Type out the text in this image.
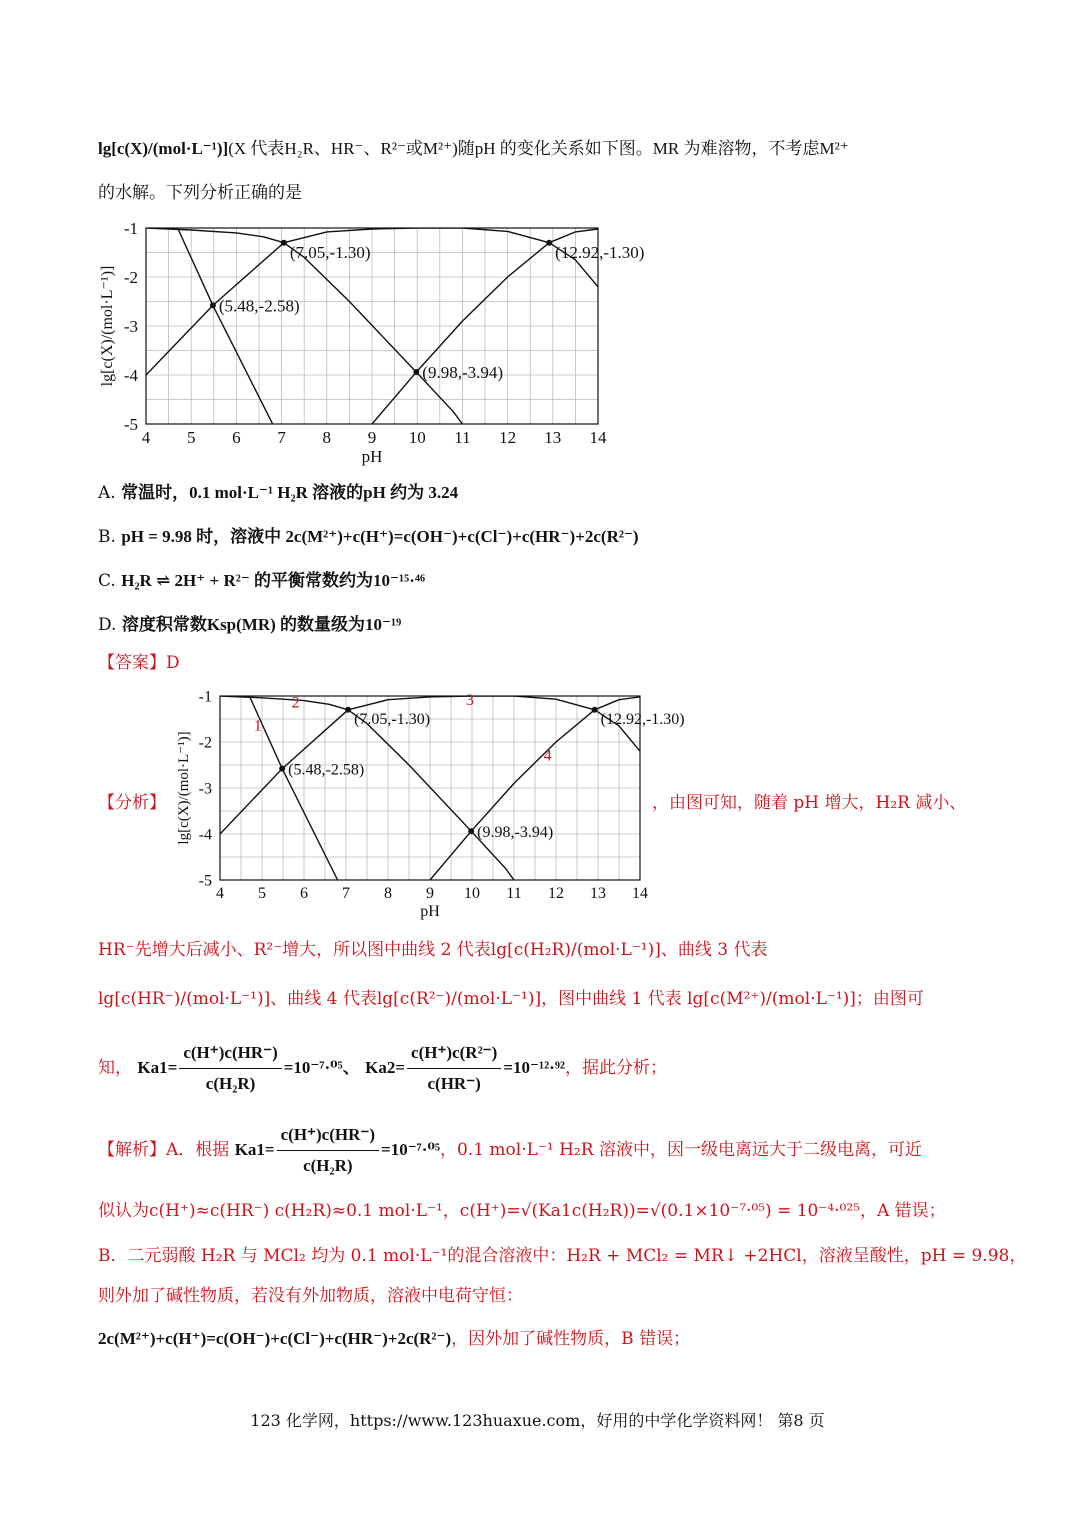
lg[c(X)/(mol·L⁻¹)](X 代表H₂R、HR⁻、R²⁻或M²⁺)随pH 的变化关系如下图。MR 为难溶物，不考虑M²⁺
的水解。下列分析正确的是
4 5 6 7 8 9 10 11 12 13 14
-1
-2
-3
-4
-5
pH
lg[c(X)/(mol·L⁻¹)]	(5.48,-2.58)
(7.05,-1.30)	(12.92,-1.30)
(9.98,-3.94)
A. 常温时，0.1 mol·L⁻¹ H₂R 溶液的pH 约为 3.24
B. pH = 9.98 时，溶液中 2c(M²⁺)+c(H⁺)=c(OH⁻)+c(Cl⁻)+c(HR⁻)+2c(R²⁻)
C. H₂R ⇌ 2H⁺ + R²⁻ 的平衡常数约为10⁻¹⁵·⁴⁶
D. 溶度积常数Ksp(MR) 的数量级为10⁻¹⁹
【答案】D
【分析】
4 5 6 7 8 9 10 11 12 13 14
-1
-2
-3
-4
-5
pH
lg[c(X)/(mol·L⁻¹)]	(5.48,-2.58)
(7.05,-1.30)	(12.92,-1.30)
(9.98,-3.94)
1
2	3
4
，由图可知，随着 pH 增大，H₂R 减小、
HR⁻先增大后减小、R²⁻增大，所以图中曲线 2 代表lg[c(H₂R)/(mol·L⁻¹)]、曲线 3 代表
lg[c(HR⁻)/(mol·L⁻¹)]、曲线 4 代表lg[c(R²⁻)/(mol·L⁻¹)]，图中曲线 1 代表 lg[c(M²⁺)/(mol·L⁻¹)]；由图可
知， $Ka1= \frac{c(H^+)c(HR^-)}{\text{c(H₂R)}} =10^{-7}\cdot^{05}$、 $Ka2= \frac{\text{c(H⁺)c(R²⁻)}}{c(HR^-)} =10^{-12}\cdot^{92}$，据此分析；
【解析】A．根据 $Ka1= \frac{c(H^+)c(HR^-)}{\text{c(H₂R)}} =10^{-7}\cdot^{05}$，0.1 mol·L⁻¹ H₂R 溶液中，因一级电离远大于二级电离，可近
似认为c(H⁺)≈c(HR⁻) c(H₂R)≈0.1 mol·L⁻¹，c(H⁺)=√(Ka1c(H₂R))=√(0.1×10⁻⁷·⁰⁵) = 10⁻⁴·⁰²⁵，A 错误；
B．二元弱酸 H₂R 与 MCl₂ 均为 0.1 mol·L⁻¹的混合溶液中：H₂R + MCl₂ = MR↓ +2HCl，溶液呈酸性，pH = 9.98，
则外加了碱性物质，若没有外加物质，溶液中电荷守恒：
2c(M²⁺)+c(H⁺)=c(OH⁻)+c(Cl⁻)+c(HR⁻)+2c(R²⁻)，因外加了碱性物质，B 错误；
123 化学网，https://www.123huaxue.com，好用的中学化学资料网！ 第8 页
